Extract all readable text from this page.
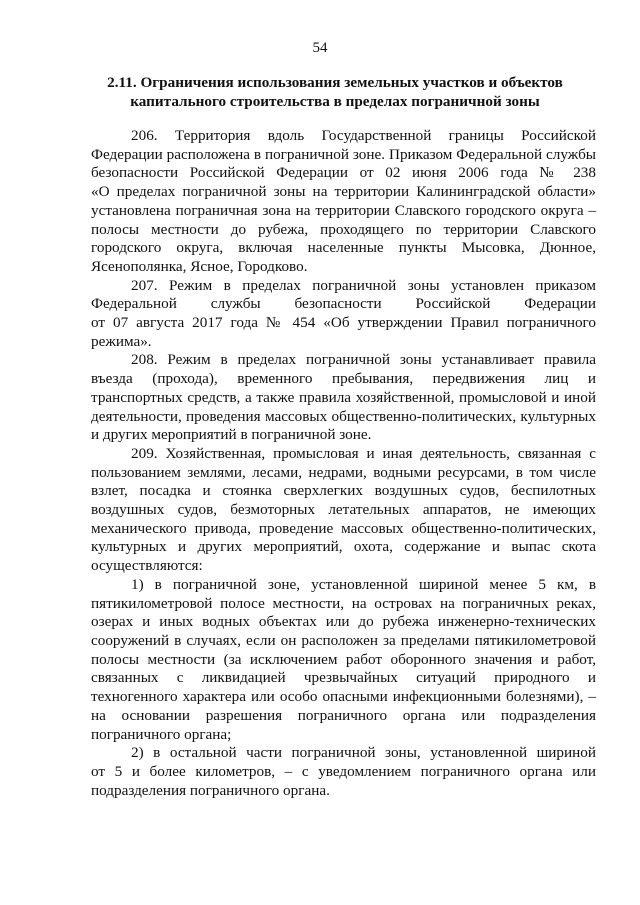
54
2.11. Ограничения использования земельных участков и объектов
капитального строительства в пределах пограничной зоны
206. Территория вдоль Государственной границы Российской
Федерации расположена в пограничной зоне. Приказом Федеральной службы
безопасности Российской Федерации от 02 июня 2006 года № 238
«О пределах пограничной зоны на территории Калининградской области»
установлена пограничная зона на территории Славского городского округа –
полосы местности до рубежа, проходящего по территории Славского
городского округа, включая населенные пункты Мысовка, Дюнное,
Ясенополянка, Ясное, Городково.
207. Режим в пределах пограничной зоны установлен приказом
Федеральной службы безопасности Российской Федерации
от 07 августа 2017 года № 454 «Об утверждении Правил пограничного
режима».
208. Режим в пределах пограничной зоны устанавливает правила
въезда (прохода), временного пребывания, передвижения лиц и
транспортных средств, а также правила хозяйственной, промысловой и иной
деятельности, проведения массовых общественно-политических, культурных
и других мероприятий в пограничной зоне.
209. Хозяйственная, промысловая и иная деятельность, связанная с
пользованием землями, лесами, недрами, водными ресурсами, в том числе
взлет, посадка и стоянка сверхлегких воздушных судов, беспилотных
воздушных судов, безмоторных летательных аппаратов, не имеющих
механического привода, проведение массовых общественно-политических,
культурных и других мероприятий, охота, содержание и выпас скота
осуществляются:
1) в пограничной зоне, установленной шириной менее 5 км, в
пятикилометровой полосе местности, на островах на пограничных реках,
озерах и иных водных объектах или до рубежа инженерно-технических
сооружений в случаях, если он расположен за пределами пятикилометровой
полосы местности (за исключением работ оборонного значения и работ,
связанных с ликвидацией чрезвычайных ситуаций природного и
техногенного характера или особо опасными инфекционными болезнями), –
на основании разрешения пограничного органа или подразделения
пограничного органа;
2) в остальной части пограничной зоны, установленной шириной
от 5 и более километров, – с уведомлением пограничного органа или
подразделения пограничного органа.
